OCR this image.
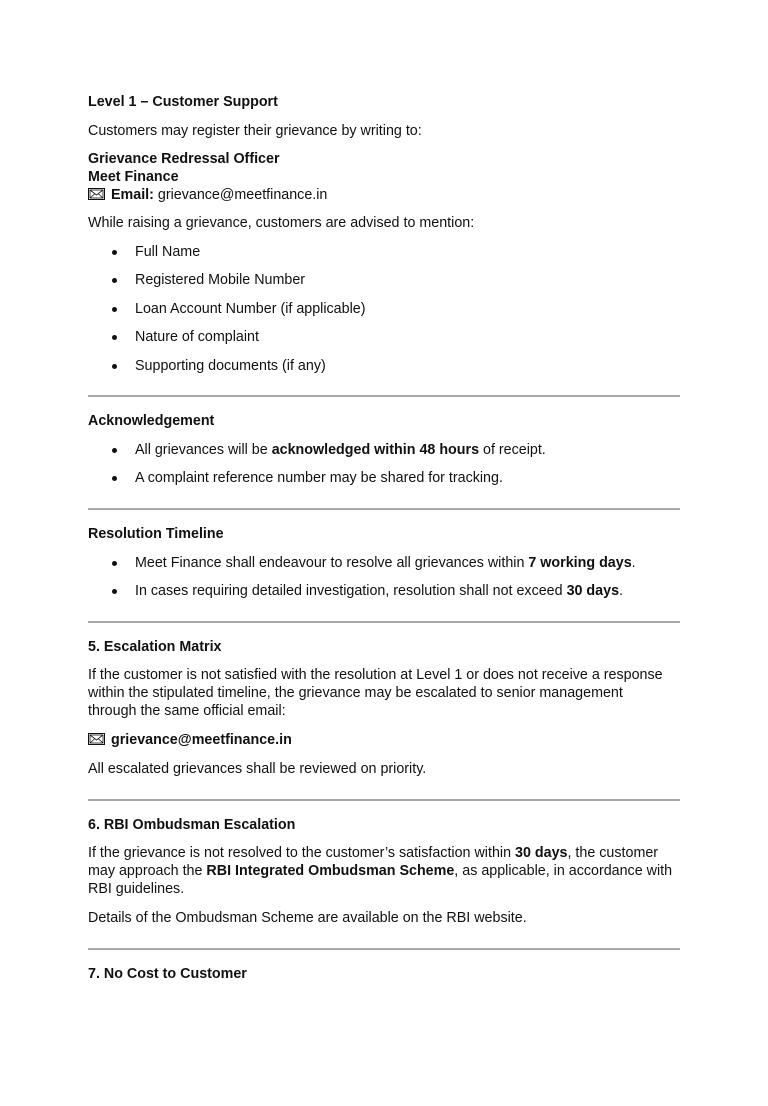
Level 1 – Customer Support

Customers may register their grievance by writing to:

Grievance Redressal Officer

Meet Finance

Email: grievance@meetfinance.in

While raising a grievance, customers are advised to mention:

Full Name
Registered Mobile Number
Loan Account Number (if applicable)
Nature of complaint
Supporting documents (if any)
Acknowledgement
All grievances will be acknowledged within 48 hours of receipt.
A complaint reference number may be shared for tracking.
Resolution Timeline
Meet Finance shall endeavour to resolve all grievances within 7 working days.
In cases requiring detailed investigation, resolution shall not exceed 30 days.
5. Escalation Matrix

If the customer is not satisfied with the resolution at Level 1 or does not receive a response
within the stipulated timeline, the grievance may be escalated to senior management
through the same official email:

grievance@meetfinance.in

All escalated grievances shall be reviewed on priority.

6. RBI Ombudsman Escalation

If the grievance is not resolved to the customer’s satisfaction within 30 days, the customer
may approach the RBI Integrated Ombudsman Scheme, as applicable, in accordance with
RBI guidelines.

Details of the Ombudsman Scheme are available on the RBI website.

7. No Cost to Customer
